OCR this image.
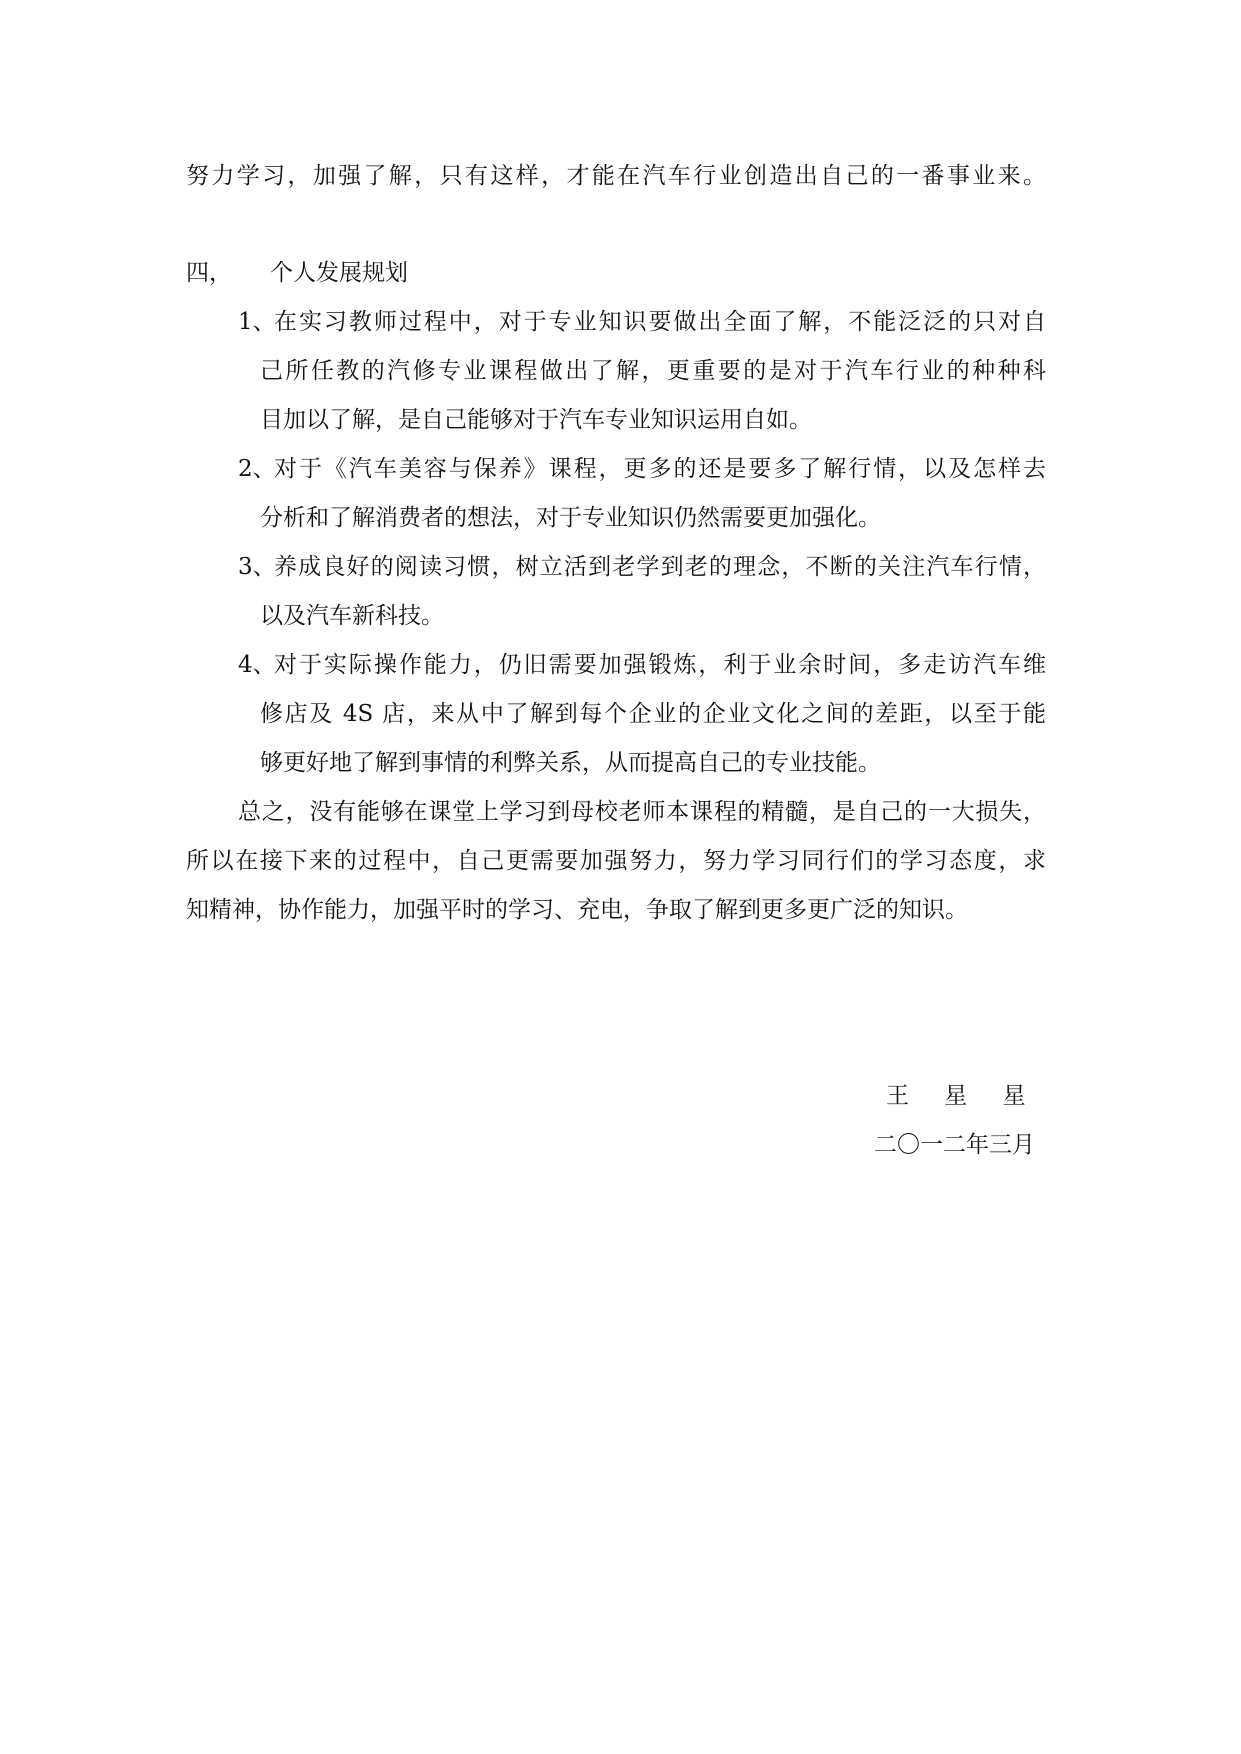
努力学习，加强了解，只有这样，才能在汽车行业创造出自己的一番事业来。
四， 个人发展规划
1、
在实习教师过程中，对于专业知识要做出全面了解，不能泛泛的只对自
己所任教的汽修专业课程做出了解，更重要的是对于汽车行业的种种科
目加以了解，是自己能够对于汽车专业知识运用自如。
2、
对于《汽车美容与保养》课程，更多的还是要多了解行情，以及怎样去
分析和了解消费者的想法，对于专业知识仍然需要更加强化。
3、
养成良好的阅读习惯，树立活到老学到老的理念，不断的关注汽车行情，
以及汽车新科技。
4、
对于实际操作能力，仍旧需要加强锻炼，利于业余时间，多走访汽车维
修店及 4S 店，来从中了解到每个企业的企业文化之间的差距，以至于能
够更好地了解到事情的利弊关系，从而提高自己的专业技能。
总之，没有能够在课堂上学习到母校老师本课程的精髓，是自己的一大损失，
所以在接下来的过程中，自己更需要加强努力，努力学习同行们的学习态度，求
知精神，协作能力，加强平时的学习、充电，争取了解到更多更广泛的知识。
王 星 星
二〇一二年三月
